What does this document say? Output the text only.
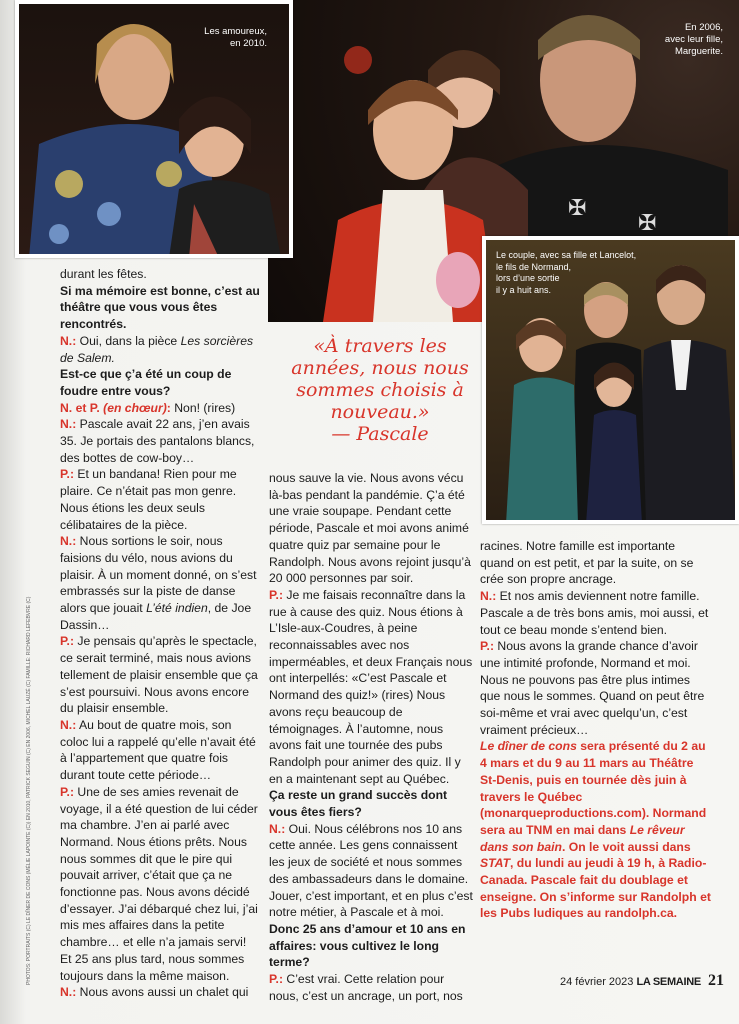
✠
✠
En 2006,
avec leur fille,
Marguerite.
Les amoureux,
en 2010.
Le couple, avec sa fille et Lancelot,
le fils de Normand,
lors d’une sortie
il y a huit ans.
PHOTOS: PORTRAITS (C) LE DÎNER DE CONS (MÉLIE LAPOINTE (C)) EN 2010, PATRICK SEGUIN (C) EN 2006, MICHEL LAUZÉ (C) FAMILLE: RICHARD LEFEBVRE (C)

durant les fêtes.

Si ma mémoire est bonne, c’est au théâtre que vous vous êtes rencontrés.

N.: Oui, dans la pièce Les sorcières de Salem.

Est-ce que ç’a été un coup de foudre entre vous?

N. et P. (en chœur): Non! (rires)

N.: Pascale avait 22 ans, j’en avais 35. Je portais des pantalons blancs, des bottes de cow-boy…

P.: Et un bandana! Rien pour me plaire. Ce n’était pas mon genre. Nous étions les deux seuls célibataires de la pièce.

N.: Nous sortions le soir, nous faisions du vélo, nous avions du plaisir. À un moment donné, on s’est embrassés sur la piste de danse alors que jouait L’été indien, de Joe Dassin…

P.: Je pensais qu’après le spectacle, ce serait terminé, mais nous avions tellement de plaisir ensemble que ça s’est poursuivi. Nous avons encore du plaisir ensemble.

N.: Au bout de quatre mois, son coloc lui a rappelé qu’elle n’avait été à l’appartement que quatre fois durant toute cette période…

P.: Une de ses amies revenait de voyage, il a été question de lui céder ma chambre. J’en ai parlé avec Normand. Nous étions prêts. Nous nous sommes dit que le pire qui pouvait arriver, c’était que ça ne fonctionne pas. Nous avons décidé d’essayer. J’ai débarqué chez lui, j’ai mis mes affaires dans la petite chambre… et elle n’a jamais servi! Et 25 ans plus tard, nous sommes toujours dans la même maison.

N.: Nous avons aussi un chalet qui

«À travers les années, nous nous sommes choisis à nouveau.»
— Pascale

nous sauve la vie. Nous avons vécu là-bas pendant la pandémie. Ç’a été une vraie soupape. Pendant cette période, Pascale et moi avons animé quatre quiz par semaine pour le Randolph. Nous avons rejoint jusqu’à 20 000 personnes par soir.

P.: Je me faisais reconnaître dans la rue à cause des quiz. Nous étions à L’Isle-aux-Coudres, à peine reconnaissables avec nos imperméables, et deux Français nous ont interpellés: «C’est Pascale et Normand des quiz!» (rires) Nous avons reçu beaucoup de témoignages. À l’automne, nous avons fait une tournée des pubs Randolph pour animer des quiz. Il y en a maintenant sept au Québec.

Ça reste un grand succès dont vous êtes fiers?

N.: Oui. Nous célébrons nos 10 ans cette année. Les gens connaissent les jeux de société et nous sommes des ambassadeurs dans le domaine. Jouer, c’est important, et en plus c’est notre métier, à Pascale et à moi.

Donc 25 ans d’amour et 10 ans en affaires: vous cultivez le long terme?

P.: C’est vrai. Cette relation pour nous, c’est un ancrage, un port, nos

racines. Notre famille est importante quand on est petit, et par la suite, on se crée son propre ancrage.

N.: Et nos amis deviennent notre famille. Pascale a de très bons amis, moi aussi, et tout ce beau monde s’entend bien.

P.: Nous avons la grande chance d’avoir une intimité profonde, Normand et moi. Nous ne pouvons pas être plus intimes que nous le sommes. Quand on peut être soi-même et vrai avec quelqu’un, c’est vraiment précieux…

Le dîner de cons sera présenté du 2 au 4 mars et du 9 au 11 mars au Théâtre St-Denis, puis en tournée dès juin à travers le Québec (monarqueproductions.com). Normand sera au TNM en mai dans Le rêveur dans son bain. On le voit aussi dans STAT, du lundi au jeudi à 19 h, à Radio-Canada. Pascale fait du doublage et enseigne. On s’informe sur Randolph et les Pubs ludiques au randolph.ca.

24 février 2023 LA SEMAINE 21
